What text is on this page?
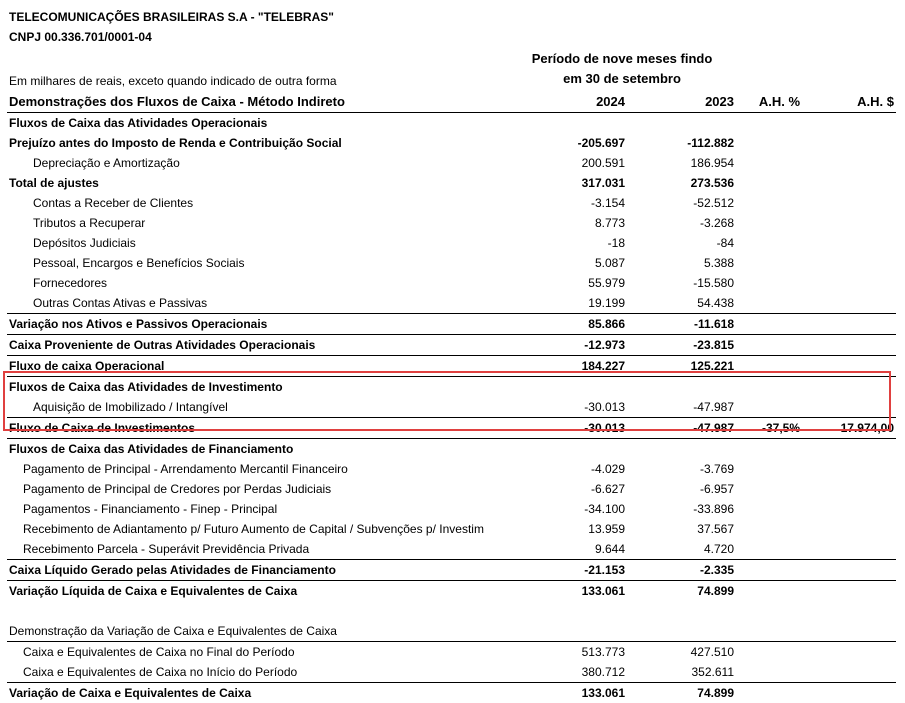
TELECOMUNICAÇÕES BRASILEIRAS S.A - "TELEBRAS"
CNPJ 00.336.701/0001-04
Período de nove meses findo
em 30 de setembro
Em milhares de reais, exceto quando indicado de outra forma
Demonstrações dos Fluxos de Caixa - Método Indireto	2024	2023	A.H. %	A.H. $
Fluxos de Caixa das Atividades Operacionais				
Prejuízo antes do Imposto de Renda e Contribuição Social	-205.697	-112.882		
Depreciação e Amortização	200.591	186.954		
Total de ajustes	317.031	273.536		
Contas a Receber de Clientes	-3.154	-52.512		
Tributos a Recuperar	8.773	-3.268		
Depósitos Judiciais	-18	-84		
Pessoal, Encargos e Benefícios Sociais	5.087	5.388		
Fornecedores	55.979	-15.580		
Outras Contas Ativas e Passivas	19.199	54.438		
Variação nos Ativos e Passivos Operacionais	85.866	-11.618		
Caixa Proveniente de Outras Atividades Operacionais	-12.973	-23.815		
Fluxo de caixa Operacional	184.227	125.221		
Fluxos de Caixa das Atividades de Investimento				
Aquisição de Imobilizado / Intangível	-30.013	-47.987		
Fluxo de Caixa de Investimentos	-30.013	-47.987	-37,5%	17.974,00
Fluxos de Caixa das Atividades de Financiamento				
Pagamento de Principal - Arrendamento Mercantil Financeiro	-4.029	-3.769		
Pagamento de Principal de Credores por Perdas Judiciais	-6.627	-6.957		
Pagamentos - Financiamento - Finep - Principal	-34.100	-33.896		
Recebimento de Adiantamento p/ Futuro Aumento de Capital / Subvenções p/ Investim	13.959	37.567		
Recebimento Parcela - Superávit Previdência Privada	9.644	4.720		
Caixa Líquido Gerado pelas Atividades de Financiamento	-21.153	-2.335		
Variação Líquida de Caixa e Equivalentes de Caixa	133.061	74.899		

Demonstração da Variação de Caixa e Equivalentes de Caixa				
Caixa e Equivalentes de Caixa no Final do Período	513.773	427.510		
Caixa e Equivalentes de Caixa no Início do Período	380.712	352.611		
Variação de Caixa e Equivalentes de Caixa	133.061	74.899		
